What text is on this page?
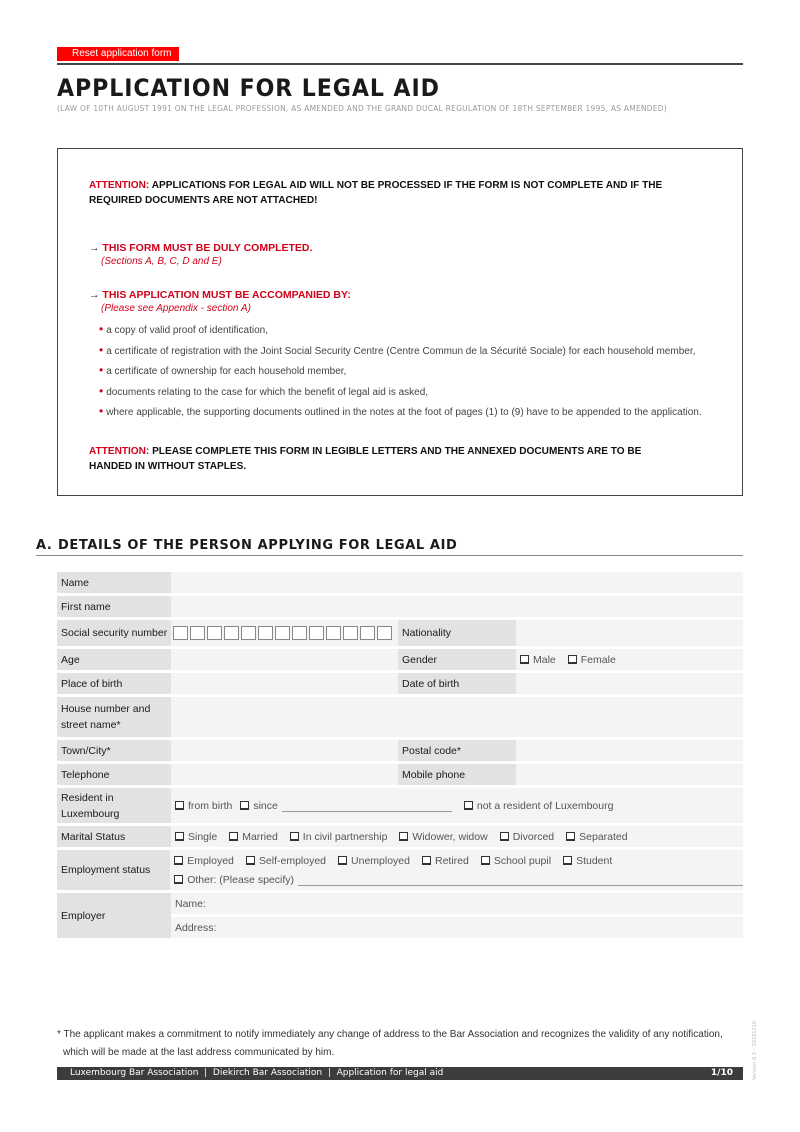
Reset application form
APPLICATION FOR LEGAL AID
(LAW OF 10TH AUGUST 1991 ON THE LEGAL PROFESSION, AS AMENDED AND THE GRAND DUCAL REGULATION OF 18TH SEPTEMBER 1995, AS AMENDED)
ATTENTION: APPLICATIONS FOR LEGAL AID WILL NOT BE PROCESSED IF THE FORM IS NOT COMPLETE AND IF THE REQUIRED DOCUMENTS ARE NOT ATTACHED!
→ THIS FORM MUST BE DULY COMPLETED.
(Sections A, B, C, D and E)
→ THIS APPLICATION MUST BE ACCOMPANIED BY:
(Please see Appendix - section A)
• a copy of valid proof of identification,
• a certificate of registration with the Joint Social Security Centre (Centre Commun de la Sécurité Sociale) for each household member,
• a certificate of ownership for each household member,
• documents relating to the case for which the benefit of legal aid is asked,
• where applicable, the supporting documents outlined in the notes at the foot of pages (1) to (9) have to be appended to the application.
ATTENTION: PLEASE COMPLETE THIS FORM IN LEGIBLE LETTERS AND THE ANNEXED DOCUMENTS ARE TO BE HANDED IN WITHOUT STAPLES.
A. DETAILS OF THE PERSON APPLYING FOR LEGAL AID
Name
First name
Social security number	Nationality
Age	Gender	Male Female
Place of birth	Date of birth
House number and street name*
Town/City*	Postal code*
Telephone	Mobile phone
Resident in Luxembourg
from birth since	not a resident of Luxembourg
Marital Status	Single Married In civil partnership Widower, widow Divorced Separated
Employment status
Employed Self-employed Unemployed Retired School pupil Student
Other: (Please specify)
Employer
Name:
Address:
* The applicant makes a commitment to notify immediately any change of address to the Bar Association and recognizes the validity of any notification,
which will be made at the last address communicated by him.
Luxembourg Bar Association  |  Diekirch Bar Association  |  Application for legal aid	1/10	Version 0.3 – 20181210
